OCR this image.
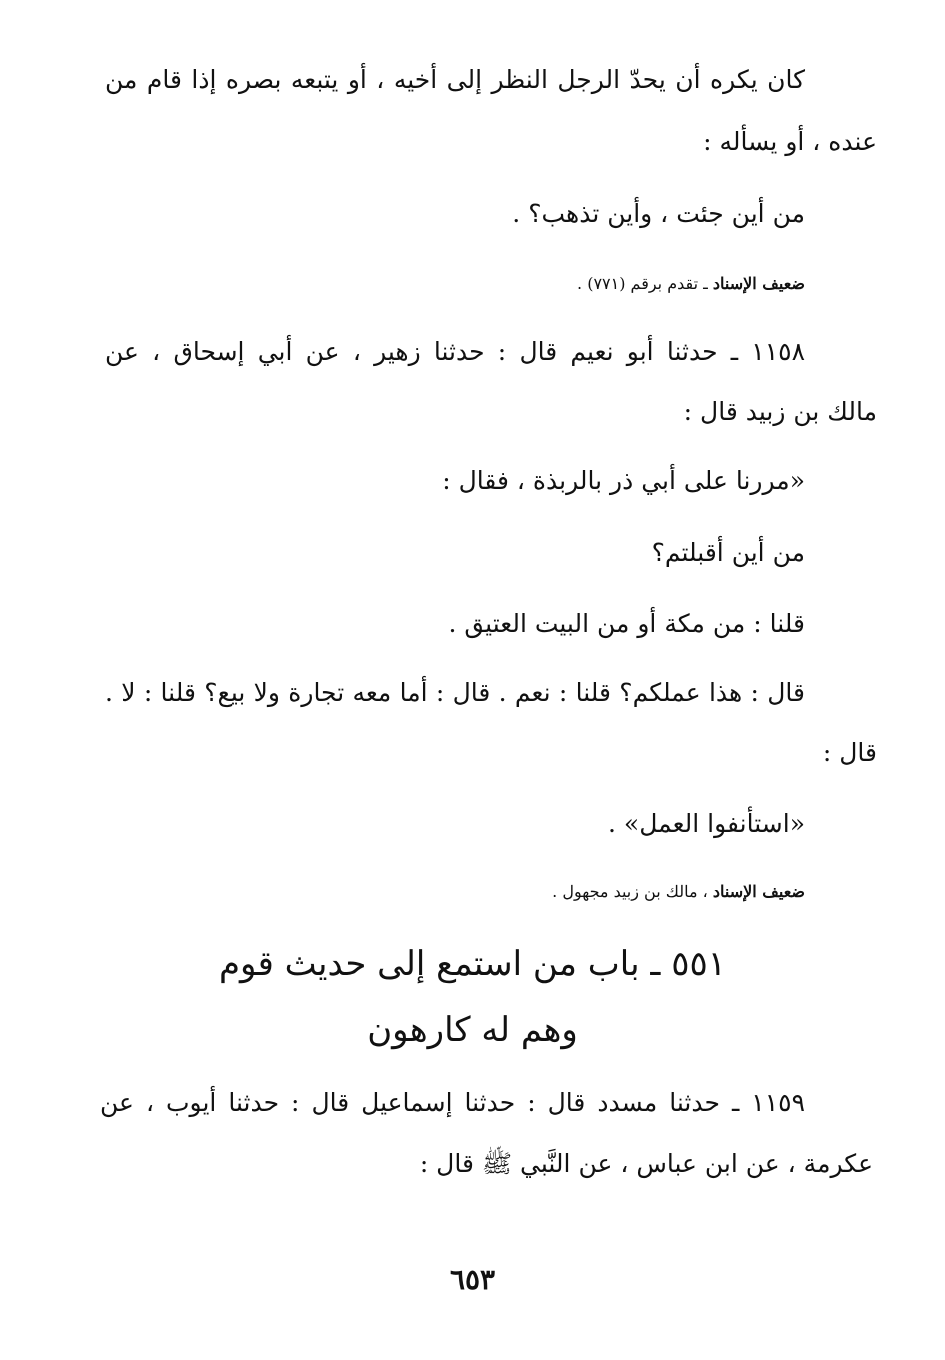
كان يكره أن يحدّ الرجل النظر إلى أخيه ، أو يتبعه بصره إذا قام من
عنده ، أو يسأله :
من أين جئت ، وأين تذهب؟ .
ضعيف الإسناد ـ تقدم برقم (٧٧١) .
١١٥٨ ـ حدثنا أبو نعيم قال : حدثنا زهير ، عن أبي إسحاق ، عن
مالك بن زبيد قال :
«مررنا على أبي ذر بالربذة ، فقال :
من أين أقبلتم؟
قلنا : من مكة أو من البيت العتيق .
قال : هذا عملكم؟ قلنا : نعم . قال : أما معه تجارة ولا بيع؟ قلنا : لا .
قال :
«استأنفوا العمل» .
ضعيف الإسناد ، مالك بن زبيد مجهول .
٥٥١ ـ باب من استمع إلى حديث قوم
وهم له كارهون
١١٥٩ ـ حدثنا مسدد قال : حدثنا إسماعيل قال : حدثنا أيوب ، عن
عكرمة ، عن ابن عباس ، عن النَّبي ﷺ قال :
٦٥٣
